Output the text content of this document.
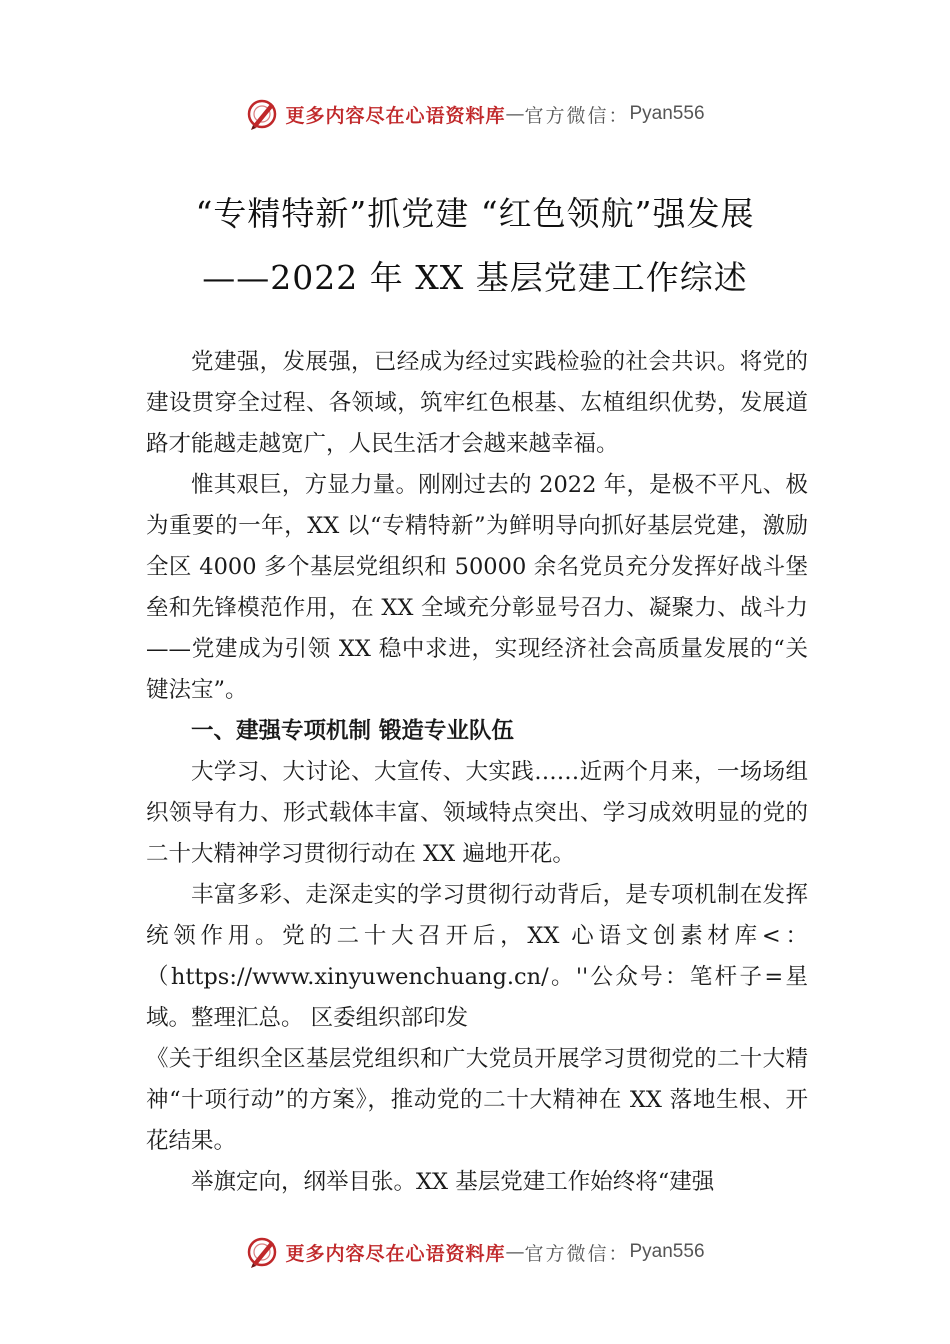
更多内容尽在心语资料库 — 官方微信： Pyan556
“专精特新”抓党建 “红色领航”强发展
——2022 年 XX 基层党建工作综述

党建强，发展强，已经成为经过实践检验的社会共识。将党的建设贯穿全过程、各领域，筑牢红色根基、厷植组织优势，发展道路才能越走越宽广，人民生活才会越来越幸福。

惟其艰巨，方显力量。刚刚过去的 2022 年，是极不平凡、极为重要的一年，XX 以“专精特新”为鲜明导向抓好基层党建，激励全区 4000 多个基层党组织和 50000 余名党员充分发挥好战斗堡垒和先锋模范作用，在 XX 全域充分彰显号召力、凝聚力、战斗力——党建成为引领 XX 稳中求进，实现经济社会高质量发展的“关键法宝”。

一、建强专项机制 锻造专业队伍

大学习、大讨论、大宣传、大实践……近两个月来，一场场组织领导有力、形式载体丰富、领域特点突出、学习成效明显的党的二十大精神学习贯彻行动在 XX 遍地开花。

丰富多彩、走深走实的学习贯彻行动背后，是专项机制在发挥统领作用。党的二十大召开后，XX 心语文创素材库<：（https://www.xinyuwenchuang.cn/。''公众号：笔杆子=星域。整理汇总。 区委组织部印发

《关于组织全区基层党组织和广大党员开展学习贯彻党的二十大精神“十项行动”的方案》，推动党的二十大精神在 XX 落地生根、开花结果。

举旗定向，纲举目张。XX 基层党建工作始终将“建强

更多内容尽在心语资料库 — 官方微信： Pyan556
